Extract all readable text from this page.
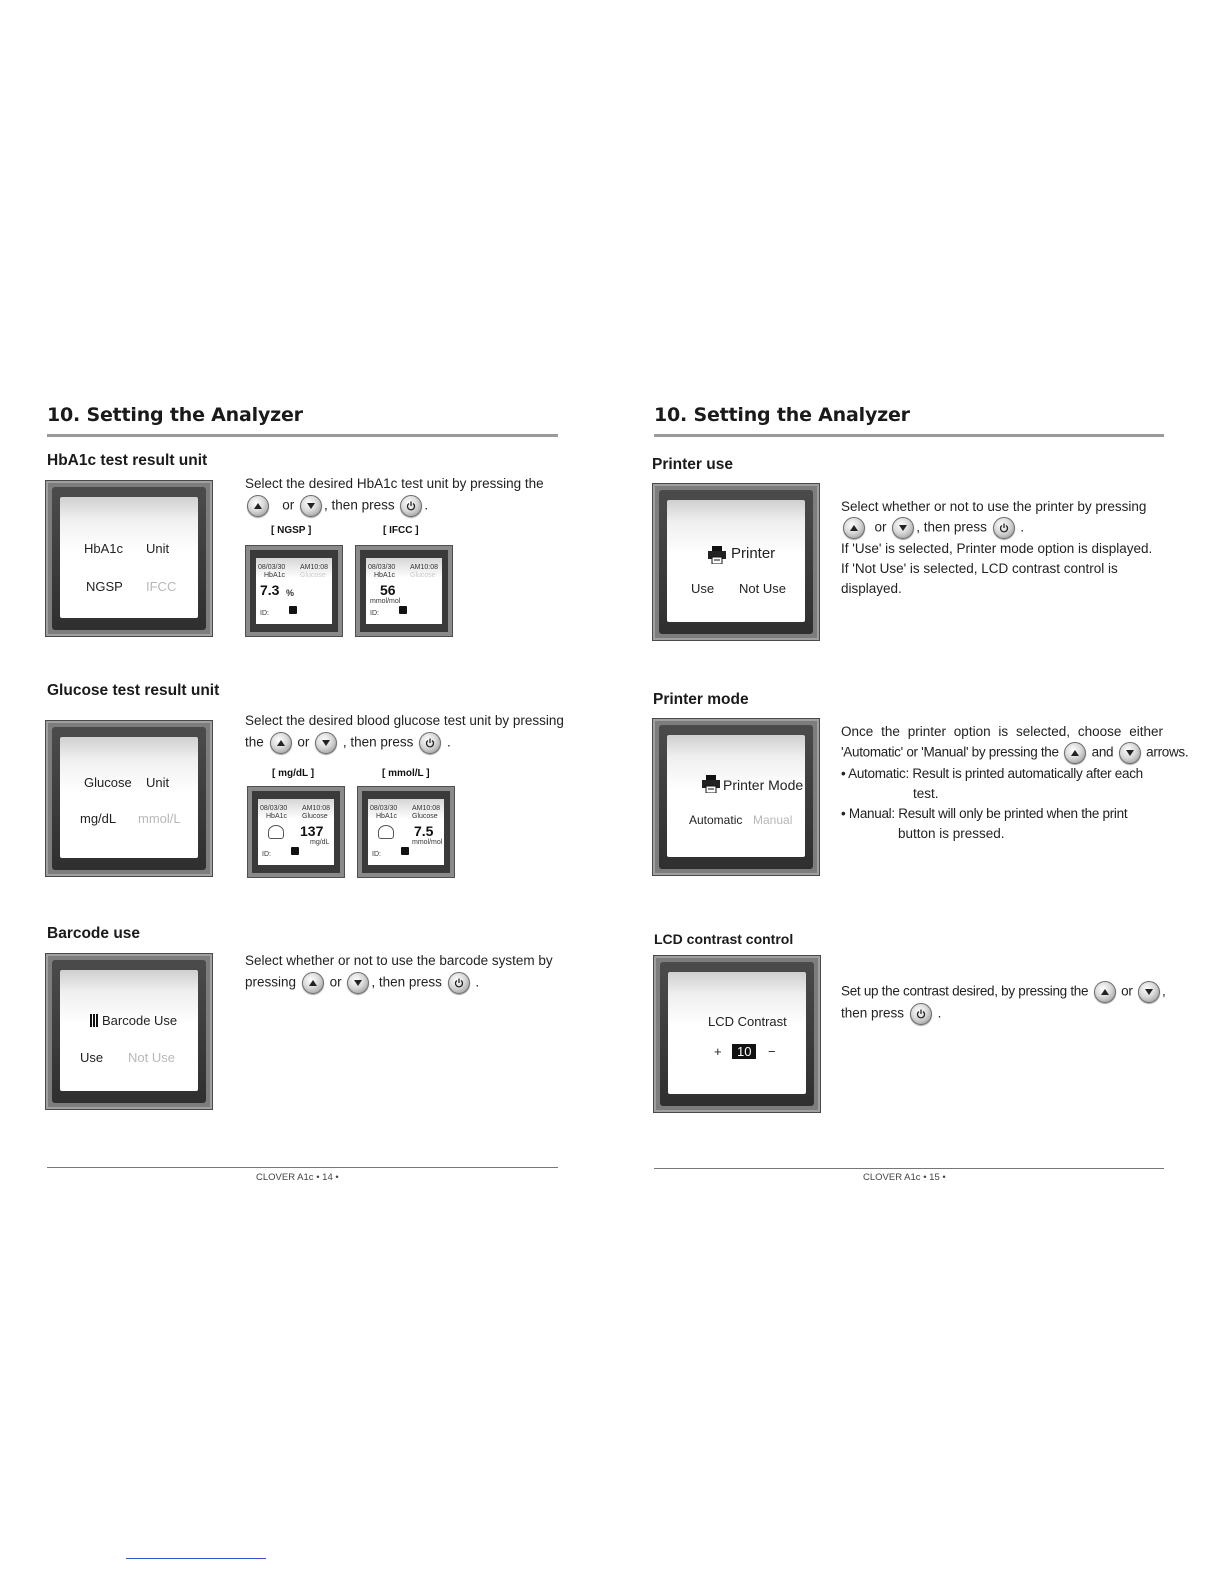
10. Setting the Analyzer
HbA1c test result unit
HbA1c Unit
NGSP IFCC
Select the desired HbA1c test unit by pressing the
or , then press .
[ NGSP ]	[ IFCC ]
08/03/30 AM10:08
HbA1c Glucose
7.3 %
ID:
08/03/30 AM10:08
HbA1c Glucose
56
mmol/mol
ID:
Glucose test result unit
Glucose Unit
mg/dL mmol/L
Select the desired blood glucose test unit by pressing
the or , then press .
[ mg/dL ]	[ mmol/L ]
08/03/30 AM10:08
HbA1c Glucose
137
mg/dL
ID:
08/03/30 AM10:08
HbA1c Glucose
7.5
mmol/mol
ID:
Barcode use
Barcode Use
Use Not Use
Select whether or not to use the barcode system by
pressing or , then press .
CLOVER A1c • 14 •
10. Setting the Analyzer
Printer use
Printer
Use Not Use
Select whether or not to use the printer by pressing
or , then press .
If 'Use' is selected, Printer mode option is displayed.
If 'Not Use' is selected, LCD contrast control is
displayed.
Printer mode
Printer Mode
Automatic Manual
Once the printer option is selected, choose either
'Automatic' or 'Manual' by pressing the and arrows.
• Automatic: Result is printed automatically after each
test.
• Manual: Result will only be printed when the print
button is pressed.
LCD contrast control
LCD Contrast
+	10	−
Set up the contrast desired, by pressing the or ,
then press .
CLOVER A1c • 15 •
